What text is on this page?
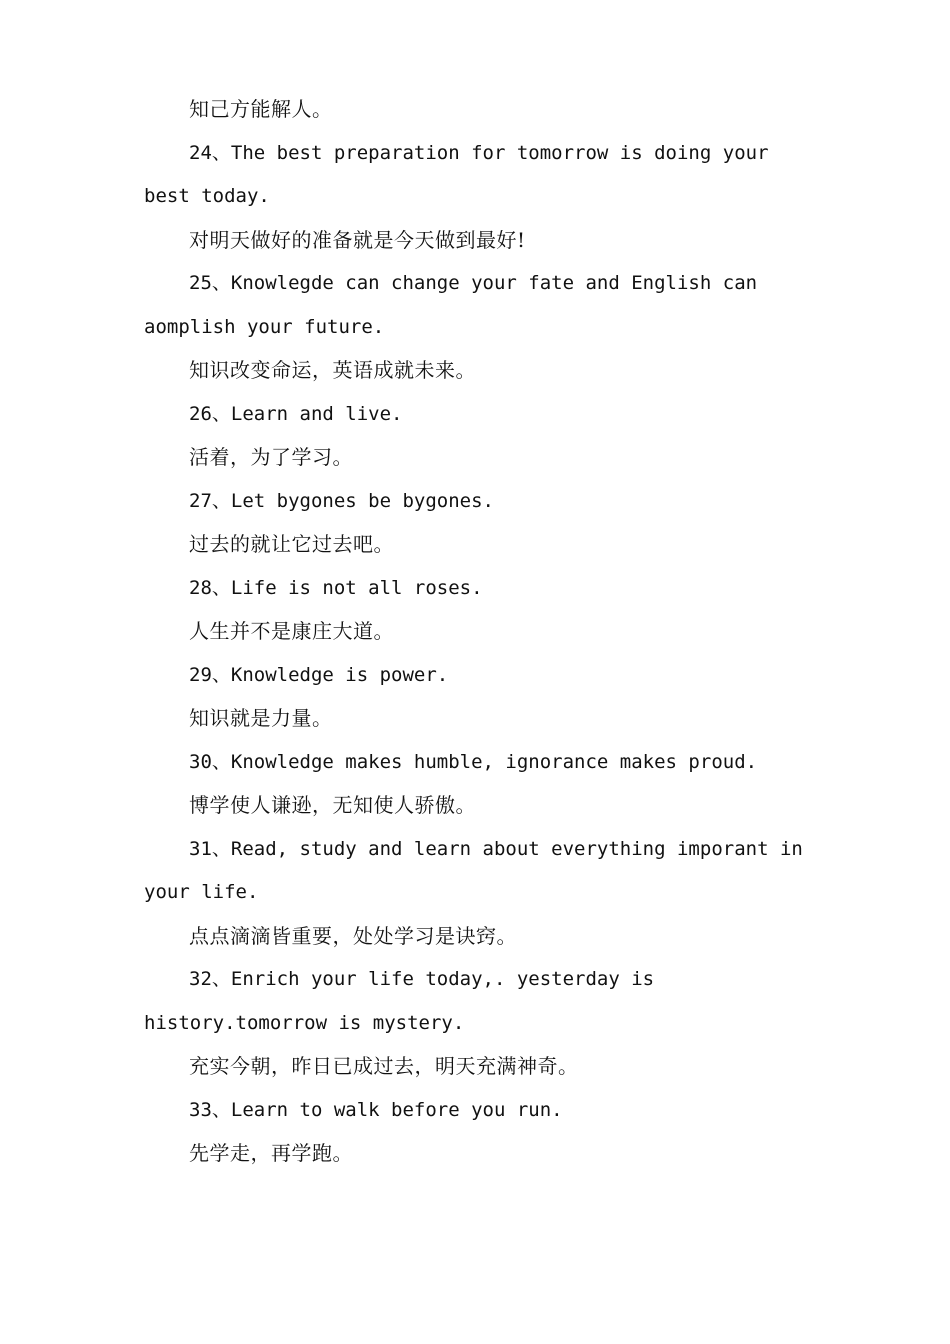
知己方能解人。

24、The best preparation for tomorrow is doing your

best today.

对明天做好的准备就是今天做到最好!

25、Knowlegde can change your fate and English can

aomplish your future.

知识改变命运，英语成就未来。

26、Learn and live.

活着，为了学习。

27、Let bygones be bygones.

过去的就让它过去吧。

28、Life is not all roses.

人生并不是康庄大道。

29、Knowledge is power.

知识就是力量。

30、Knowledge makes humble, ignorance makes proud.

博学使人谦逊，无知使人骄傲。

31、Read, study and learn about everything imporant in

your life.

点点滴滴皆重要，处处学习是诀窍。

32、Enrich your life today,. yesterday is

history.tomorrow is mystery.

充实今朝，昨日已成过去，明天充满神奇。

33、Learn to walk before you run.

先学走，再学跑。
